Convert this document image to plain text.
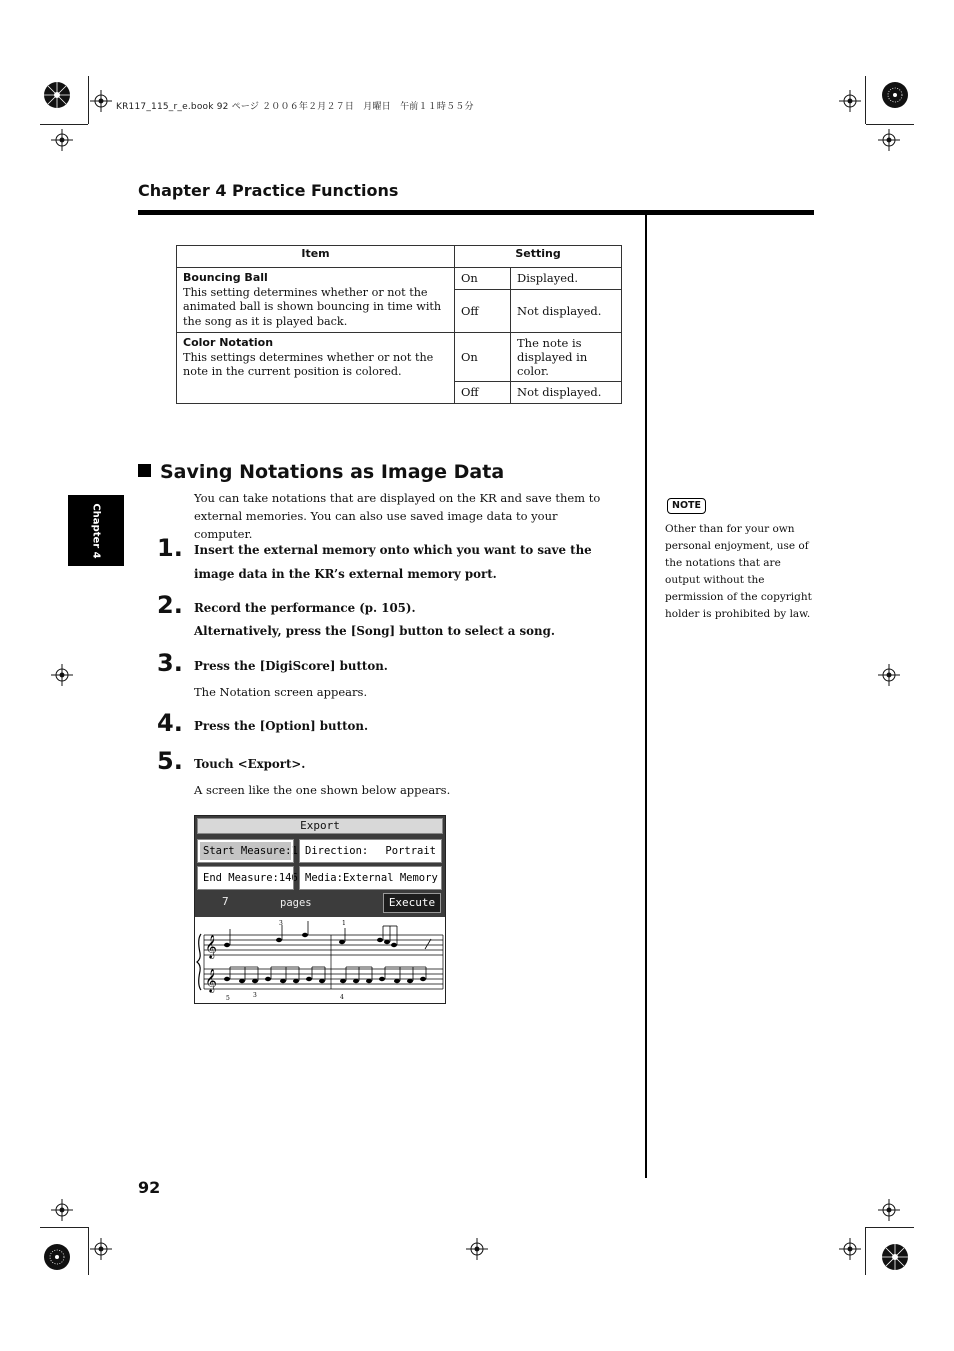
KR117_115_r_e.book 92 ページ ２００６年２月２７日　月曜日　午前１１時５５分
Chapter 4 Practice Functions
Item	Setting	

Bouncing Ball
This setting determines whether or not the animated ball is shown bouncing in time with the song as it is played back.	On	Displayed.
	Off	Not displayed.

Color Notation
This settings determines whether or not the note in the current position is colored.	On	The note is displayed in color.
	Off	Not displayed.
Saving Notations as Image Data
You can take notations that are displayed on the KR and save them to external memories. You can also use saved image data to your computer.
1. Insert the external memory onto which you want to save the image data in the KR’s external memory port.
2. Record the performance (p. 105).
Alternatively, press the [Song] button to select a song.
3. Press the [DigiScore] button.
The Notation screen appears.
4. Press the [Option] button.
5. Touch <Export>.
A screen like the one shown below appears.
Export
Start Measure: 1 Direction: Portrait
End Measure: 146 Media: External Memory
7	pages	Execute
𝄞
𝄞
3
5	3	4
1
Chapter 4	NOTE
Other than for your own personal enjoyment, use of the notations that are output without the permission of the copyright holder is prohibited by law.
92
